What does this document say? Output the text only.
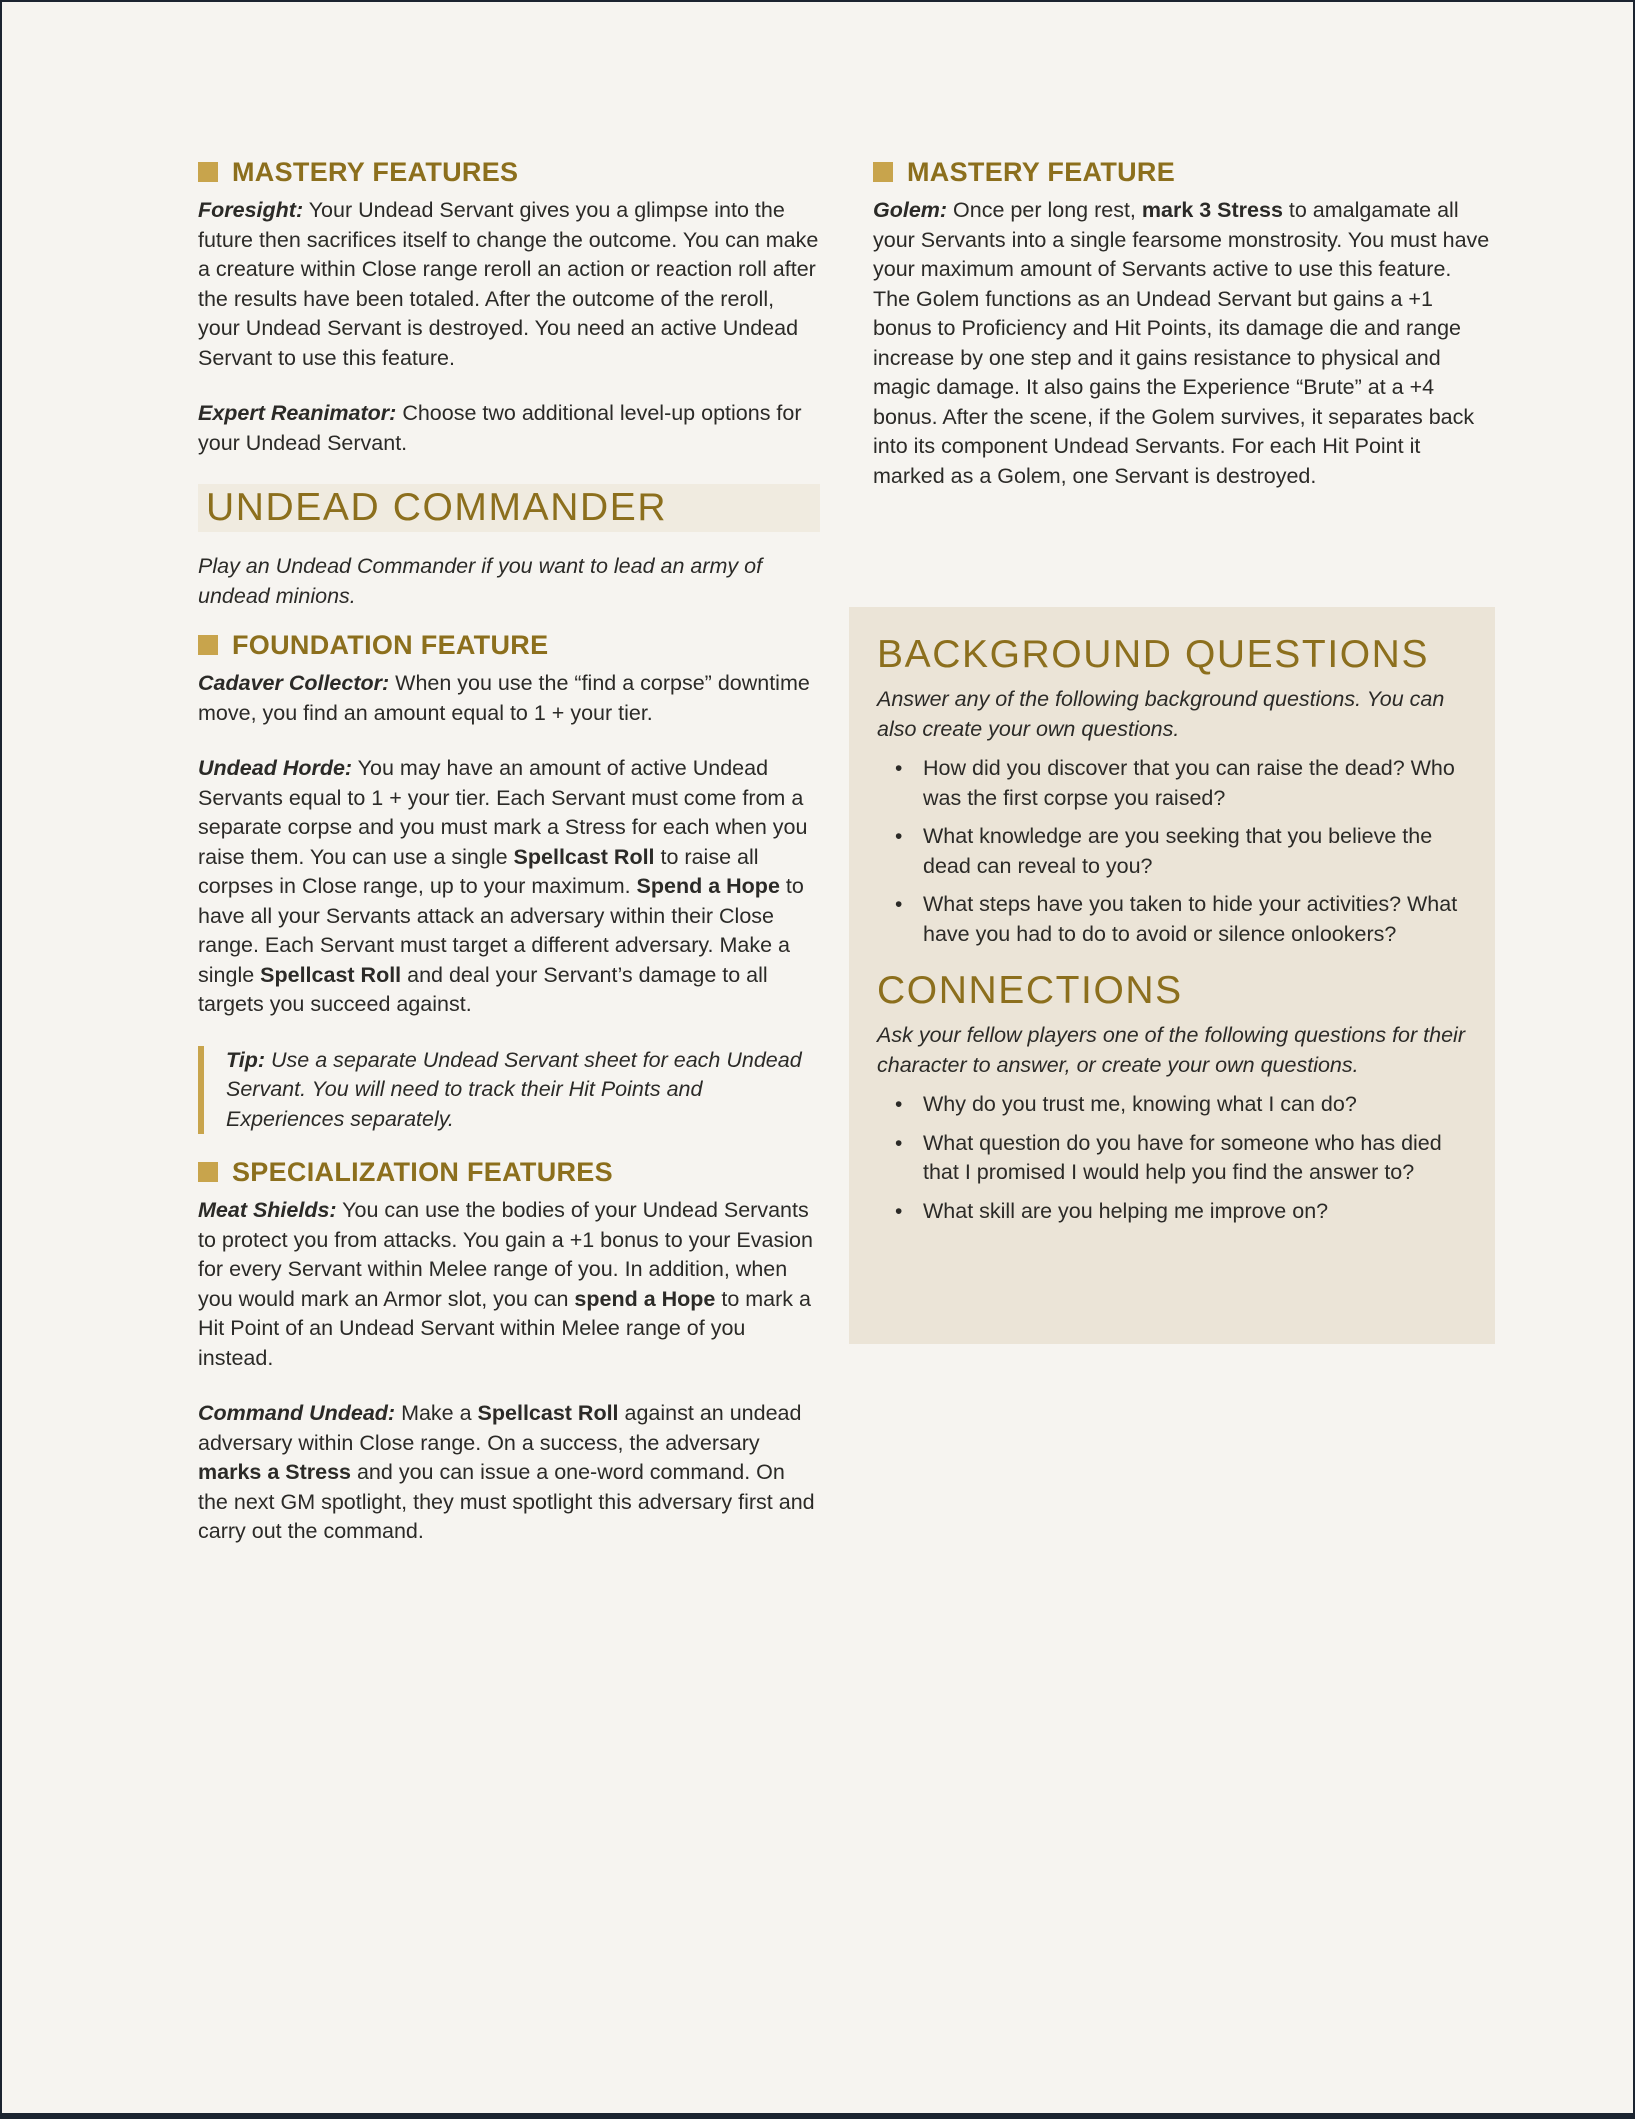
MASTERY FEATURES

Foresight: Your Undead Servant gives you a glimpse into the future then sacrifices itself to change the outcome. You can make a creature within Close range reroll an action or reaction roll after the results have been totaled. After the outcome of the reroll, your Undead Servant is destroyed. You need an active Undead Servant to use this feature.

Expert Reanimator: Choose two additional level-up options for your Undead Servant.

UNDEAD COMMANDER

Play an Undead Commander if you want to lead an army of undead minions.

FOUNDATION FEATURE

Cadaver Collector: When you use the “find a corpse” downtime move, you find an amount equal to 1 + your tier.

Undead Horde: You may have an amount of active Undead Servants equal to 1 + your tier. Each Servant must come from a separate corpse and you must mark a Stress for each when you raise them. You can use a single Spellcast Roll to raise all corpses in Close range, up to your maximum. Spend a Hope to have all your Servants attack an adversary within their Close range. Each Servant must target a different adversary. Make a single Spellcast Roll and deal your Servant’s damage to all targets you succeed against.

Tip: Use a separate Undead Servant sheet for each Undead Servant. You will need to track their Hit Points and Experiences separately.
SPECIALIZATION FEATURES

Meat Shields: You can use the bodies of your Undead Servants to protect you from attacks. You gain a +1 bonus to your Evasion for every Servant within Melee range of you. In addition, when you would mark an Armor slot, you can spend a Hope to mark a Hit Point of an Undead Servant within Melee range of you instead.

Command Undead: Make a Spellcast Roll against an undead adversary within Close range. On a success, the adversary marks a Stress and you can issue a one-word command. On the next GM spotlight, they must spotlight this adversary first and carry out the command.

MASTERY FEATURE

Golem: Once per long rest, mark 3 Stress to amalgamate all your Servants into a single fearsome monstrosity. You must have your maximum amount of Servants active to use this feature. The Golem functions as an Undead Servant but gains a +1 bonus to Proficiency and Hit Points, its damage die and range increase by one step and it gains resistance to physical and magic damage. It also gains the Experience “Brute” at a +4 bonus. After the scene, if the Golem survives, it separates back into its component Undead Servants. For each Hit Point it marked as a Golem, one Servant is destroyed.

BACKGROUND QUESTIONS

Answer any of the following background questions. You can also create your own questions.

• How did you discover that you can raise the dead? Who was the first corpse you raised?
• What knowledge are you seeking that you believe the dead can reveal to you?
• What steps have you taken to hide your activities? What have you had to do to avoid or silence onlookers?
CONNECTIONS

Ask your fellow players one of the following questions for their character to answer, or create your own questions.

• Why do you trust me, knowing what I can do?
• What question do you have for someone who has died that I promised I would help you find the answer to?
• What skill are you helping me improve on?
